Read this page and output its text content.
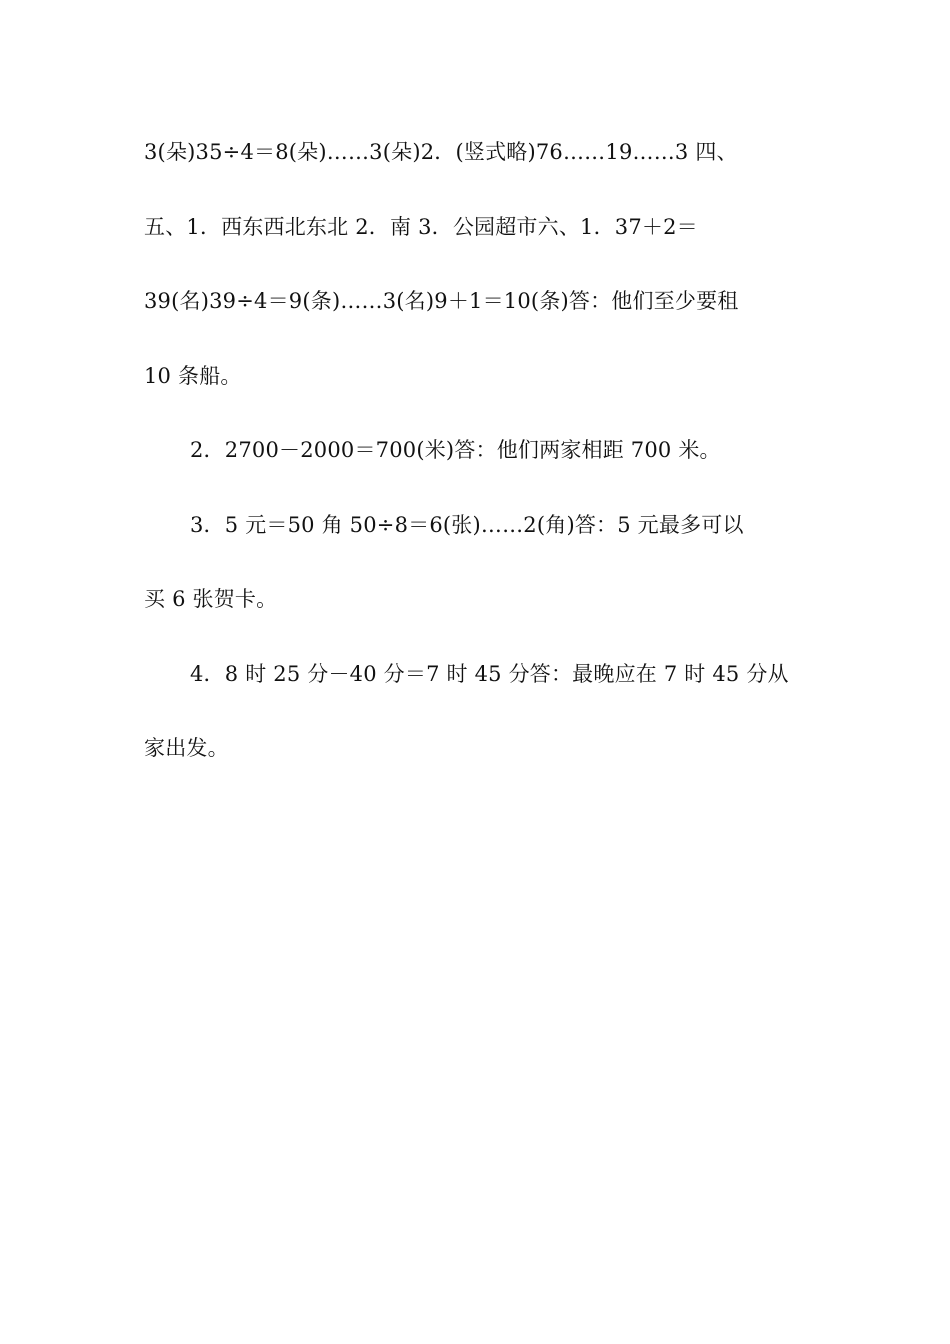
3(朵)35÷4＝8(朵)……3(朵)2．(竖式略)76……19……3 四、
五、1．西东西北东北 2．南 3．公园超市六、1．37＋2＝
39(名)39÷4＝9(条)……3(名)9＋1＝10(条)答：他们至少要租
10 条船。
2．2700－2000＝700(米)答：他们两家相距 700 米。
3．5 元＝50 角 50÷8＝6(张)……2(角)答：5 元最多可以
买 6 张贺卡。
4．8 时 25 分－40 分＝7 时 45 分答：最晚应在 7 时 45 分从
家出发。
